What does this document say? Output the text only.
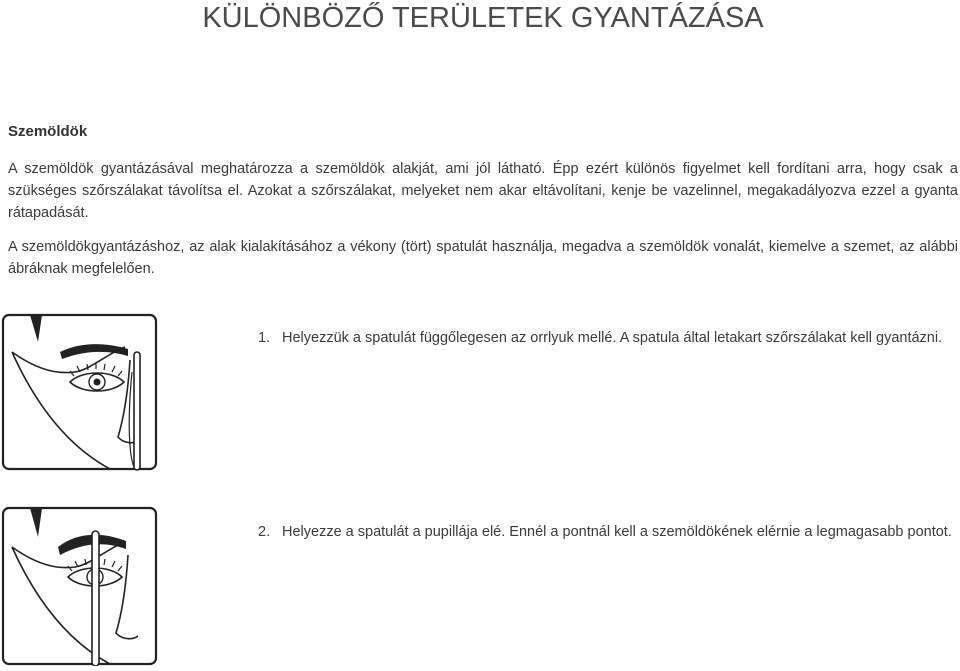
KÜLÖNBÖZŐ TERÜLETEK GYANTÁZÁSA
Szemöldök
A szemöldök gyantázásával meghatározza a szemöldök alakját, ami jól látható. Épp ezért különös figyelmet kell fordítani arra, hogy csak a szükséges szőrszálakat távolítsa el. Azokat a szőrszálakat, melyeket nem akar eltávolítani, kenje be vazelinnel, megakadályozva ezzel a gyanta rátapadását.
A szemöldökgyantázáshoz, az alak kialakításához a vékony (tört) spatulát használja, megadva a szemöldök vonalát, kiemelve a szemet, az alábbi ábráknak megfelelően.
1. Helyezzük a spatulát függőlegesen az orrlyuk mellé. A spatula által letakart szőrszálakat kell gyantázni.
2. Helyezze a spatulát a pupillája elé. Ennél a pontnál kell a szemöldökének elérnie a legmagasabb pontot.
